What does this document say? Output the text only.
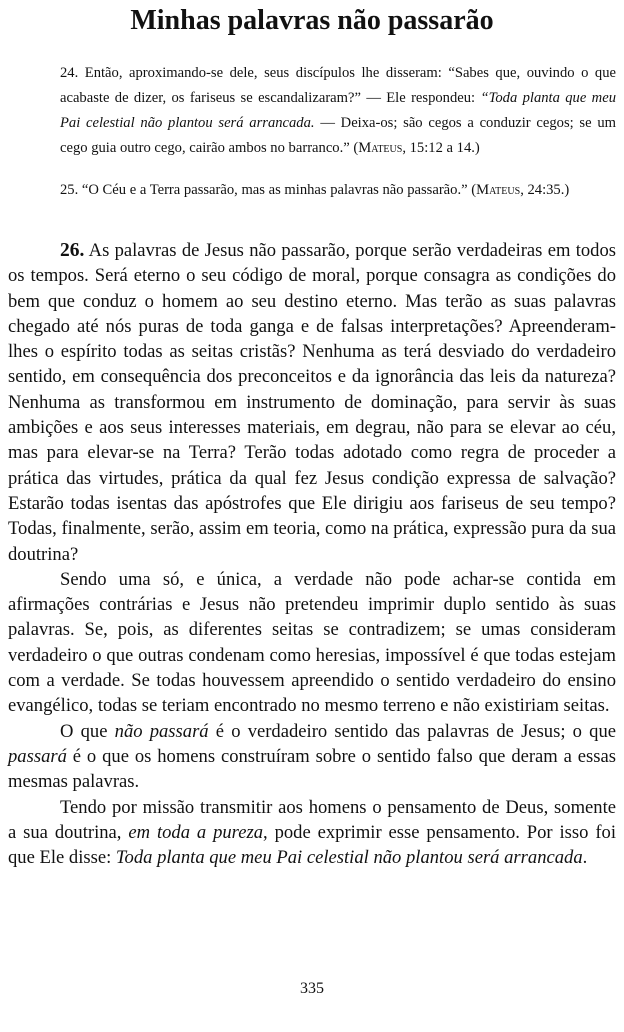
Minhas palavras não passarão

24. Então, aproximando-se dele, seus discípulos lhe disseram: “Sabes que, ouvindo o que acabaste de dizer, os fariseus se escandalizaram?” — Ele respondeu: “Toda planta que meu Pai celestial não plantou será arrancada. — Deixa-os; são cegos a conduzir cegos; se um cego guia outro cego, cairão ambos no barranco.” (Mateus, 15:12 a 14.)

25. “O Céu e a Terra passarão, mas as minhas palavras não passarão.” (Mateus, 24:35.)

26. As palavras de Jesus não passarão, porque serão verdadeiras em todos os tempos. Será eterno o seu código de moral, porque consagra as condições do bem que conduz o homem ao seu destino eterno. Mas terão as suas palavras chegado até nós puras de toda ganga e de falsas interpretações? Apreenderam-lhes o espírito todas as seitas cristãs? Nenhuma as terá desviado do verdadeiro sentido, em consequência dos preconceitos e da ignorância das leis da natureza? Nenhuma as transformou em instrumento de dominação, para servir às suas ambições e aos seus interesses materiais, em degrau, não para se elevar ao céu, mas para elevar-se na Terra? Terão todas adotado como regra de proceder a prática das virtudes, prática da qual fez Jesus condição expressa de salvação? Estarão todas isentas das apóstrofes que Ele dirigiu aos fariseus de seu tempo? Todas, finalmente, serão, assim em teoria, como na prática, expressão pura da sua doutrina?

Sendo uma só, e única, a verdade não pode achar-se contida em afirmações contrárias e Jesus não pretendeu imprimir duplo sentido às suas palavras. Se, pois, as diferentes seitas se contradizem; se umas consideram verdadeiro o que outras condenam como heresias, impossível é que todas estejam com a verdade. Se todas houvessem apreendido o sentido verdadeiro do ensino evangélico, todas se teriam encontrado no mesmo terreno e não existiriam seitas.

O que não passará é o verdadeiro sentido das palavras de Jesus; o que passará é o que os homens construíram sobre o sentido falso que deram a essas mesmas palavras.

Tendo por missão transmitir aos homens o pensamento de Deus, somente a sua doutrina, em toda a pureza, pode exprimir esse pensamento. Por isso foi que Ele disse: Toda planta que meu Pai celestial não plantou será arrancada.

335
